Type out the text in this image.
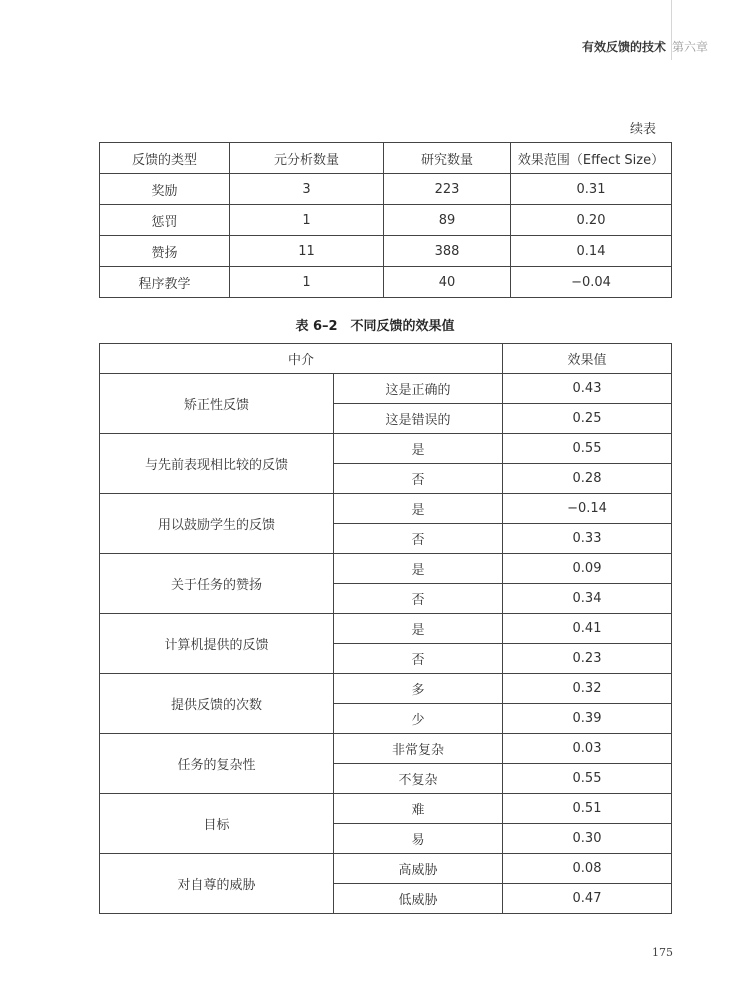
有效反馈的技术 第六章
续表
反馈的类型	元分析数量	研究数量	效果范围（Effect Size）
奖励	3	223	0.31
惩罚	1	89	0.20
赞扬	11	388	0.14
程序教学	1	40	−0.04
表 6–2　不同反馈的效果值
中介		效果值
矫正性反馈	这是正确的	0.43
	这是错误的	0.25
与先前表现相比较的反馈	是	0.55
	否	0.28
用以鼓励学生的反馈	是	−0.14
	否	0.33
关于任务的赞扬	是	0.09
	否	0.34
计算机提供的反馈	是	0.41
	否	0.23
提供反馈的次数	多	0.32
	少	0.39
任务的复杂性	非常复杂	0.03
	不复杂	0.55
目标	难	0.51
	易	0.30
对自尊的威胁	高威胁	0.08
	低威胁	0.47
175
